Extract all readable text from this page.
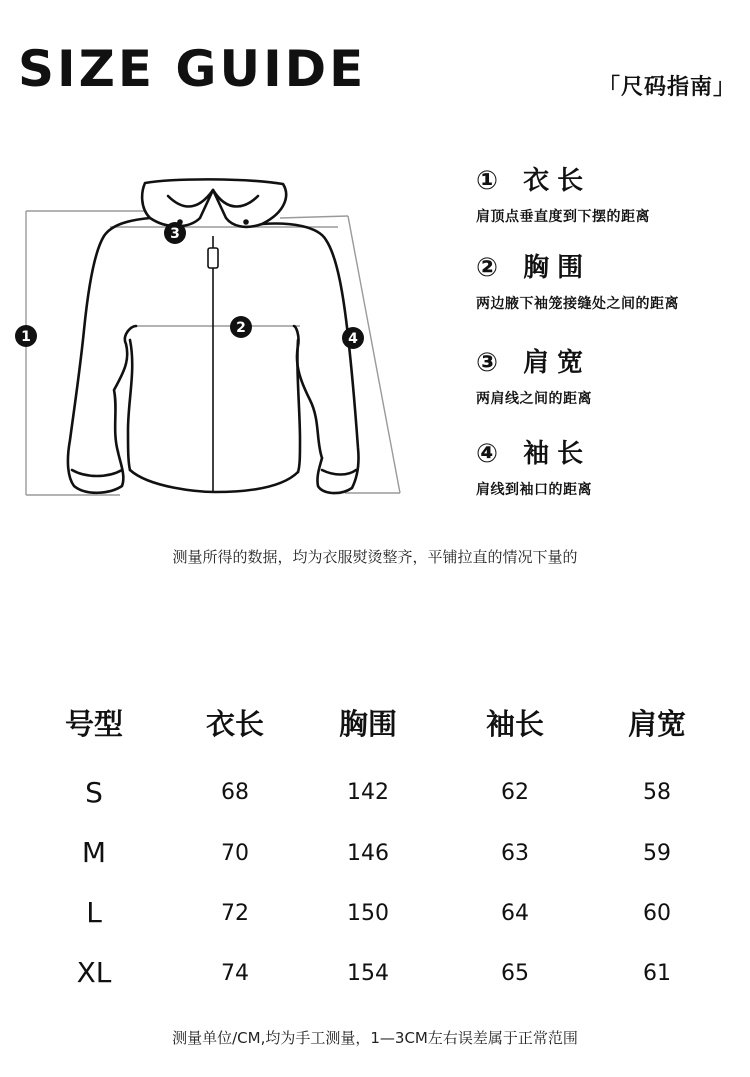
SIZE GUIDE	「尺码指南」
1
2
3
4
① 衣长
肩顶点垂直度到下摆的距离
② 胸围
两边腋下袖笼接缝处之间的距离
③ 肩宽
两肩线之间的距离
④ 袖长
肩线到袖口的距离
测量所得的数据，均为衣服熨烫整齐，平铺拉直的情况下量的
号型	衣长	胸围	袖长	肩宽
S	68	142	62	58
M	70	146	63	59
L	72	150	64	60
XL	74	154	65	61
测量单位/CM,均为手工测量，1—3CM左右误差属于正常范围
